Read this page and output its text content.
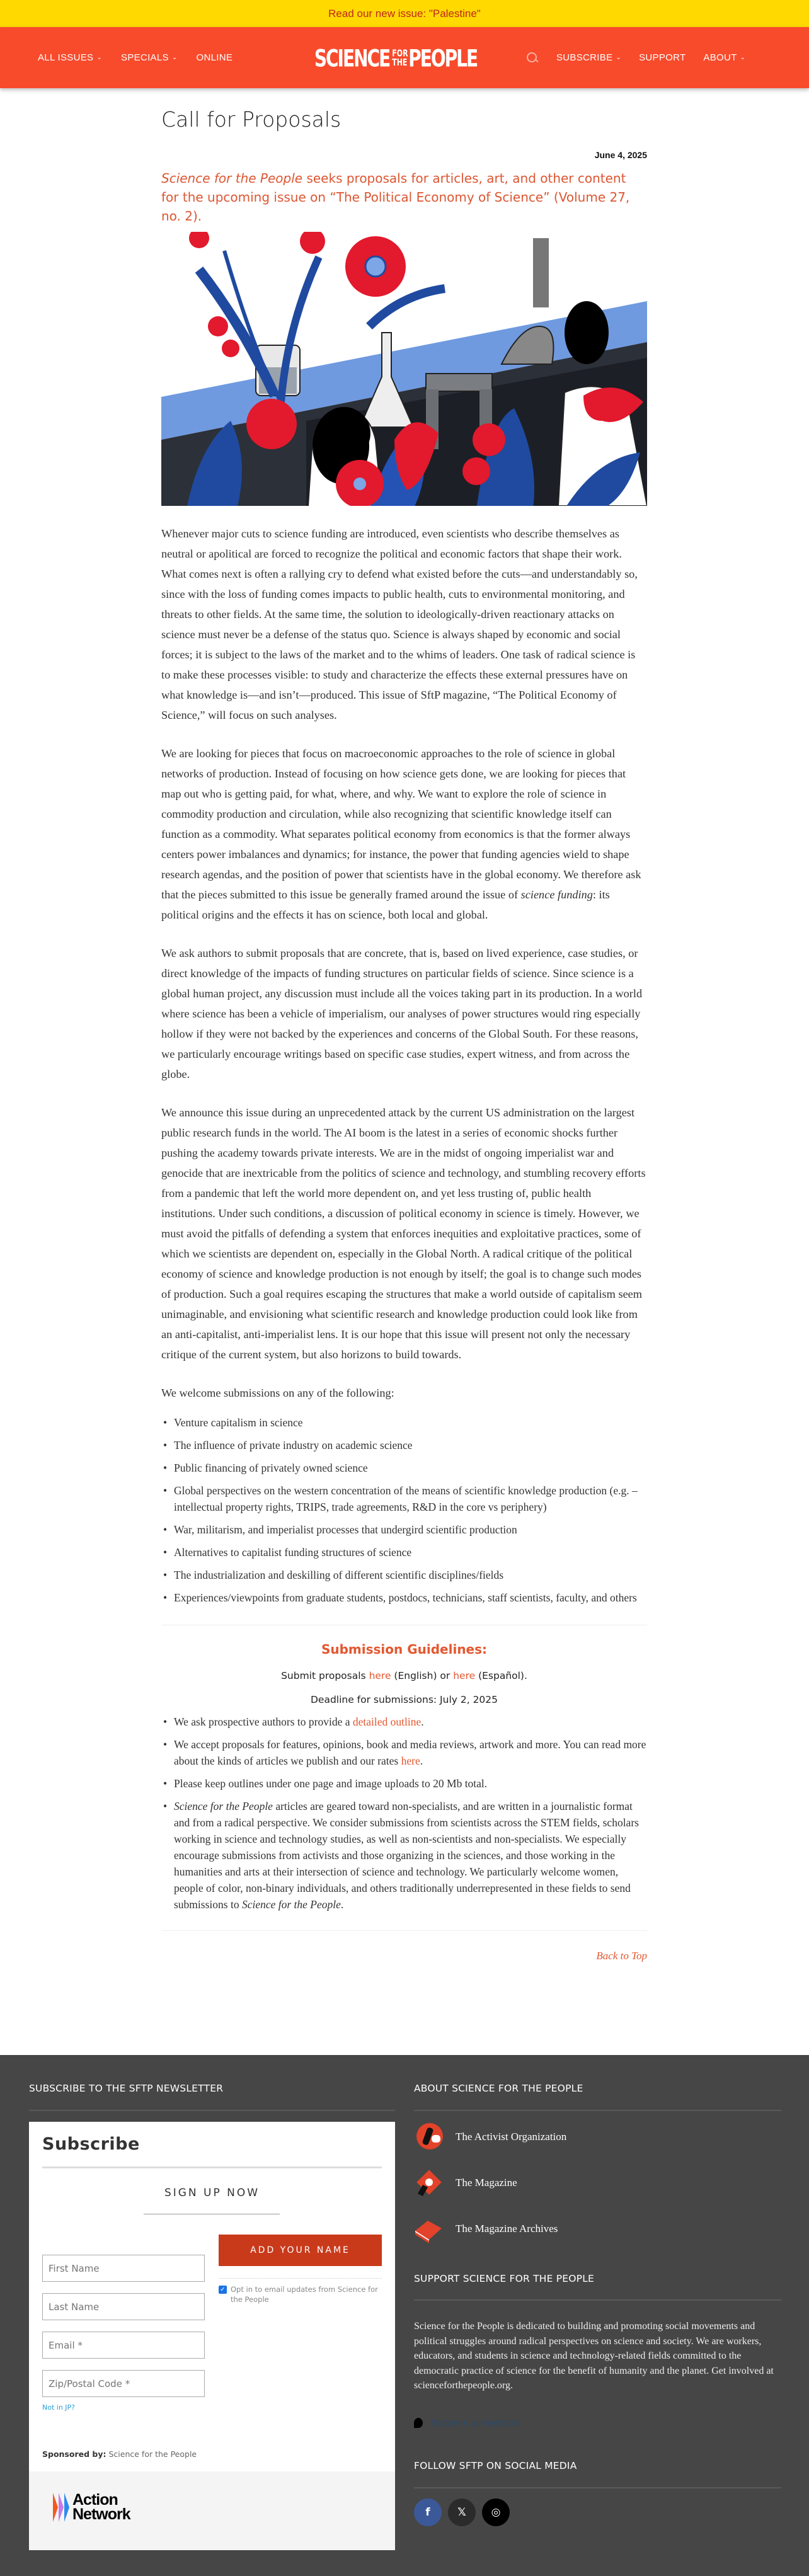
Read our new issue: "Palestine"
ALL ISSUES ⌄ SPECIALS ⌄ ONLINE	SCIENCE FOR THE PEOPLE	SUBSCRIBE ⌄ SUPPORT ABOUT ⌄
Call for Proposals
June 4, 2025
Science for the People seeks proposals for articles, art, and other content for the upcoming issue on “The Political Economy of Science” (Volume 27, no. 2).

Whenever major cuts to science funding are introduced, even scientists who describe themselves as neutral or apolitical are forced to recognize the political and economic factors that shape their work. What comes next is often a rallying cry to defend what existed before the cuts—and understandably so, since with the loss of funding comes impacts to public health, cuts to environmental monitoring, and threats to other fields. At the same time, the solution to ideologically-driven reactionary attacks on science must never be a defense of the status quo. Science is always shaped by economic and social forces; it is subject to the laws of the market and to the whims of leaders. One task of radical science is to make these processes visible: to study and characterize the effects these external pressures have on what knowledge is—and isn’t—produced. This issue of SftP magazine, “The Political Economy of Science,” will focus on such analyses.

We are looking for pieces that focus on macroeconomic approaches to the role of science in global networks of production. Instead of focusing on how science gets done, we are looking for pieces that map out who is getting paid, for what, where, and why. We want to explore the role of science in commodity production and circulation, while also recognizing that scientific knowledge itself can function as a commodity. What separates political economy from economics is that the former always centers power imbalances and dynamics; for instance, the power that funding agencies wield to shape research agendas, and the position of power that scientists have in the global economy. We therefore ask that the pieces submitted to this issue be generally framed around the issue of science funding: its political origins and the effects it has on science, both local and global.

We ask authors to submit proposals that are concrete, that is, based on lived experience, case studies, or direct knowledge of the impacts of funding structures on particular fields of science. Since science is a global human project, any discussion must include all the voices taking part in its production. In a world where science has been a vehicle of imperialism, our analyses of power structures would ring especially hollow if they were not backed by the experiences and concerns of the Global South. For these reasons, we particularly encourage writings based on specific case studies, expert witness, and from across the globe.

We announce this issue during an unprecedented attack by the current US administration on the largest public research funds in the world. The AI boom is the latest in a series of economic shocks further pushing the academy towards private interests. We are in the midst of ongoing imperialist war and genocide that are inextricable from the politics of science and technology, and stumbling recovery efforts from a pandemic that left the world more dependent on, and yet less trusting of, public health institutions. Under such conditions, a discussion of political economy in science is timely. However, we must avoid the pitfalls of defending a system that enforces inequities and exploitative practices, some of which we scientists are dependent on, especially in the Global North. A radical critique of the political economy of science and knowledge production is not enough by itself; the goal is to change such modes of production. Such a goal requires escaping the structures that make a world outside of capitalism seem unimaginable, and envisioning what scientific research and knowledge production could look like from an anti-capitalist, anti-imperialist lens. It is our hope that this issue will present not only the necessary critique of the current system, but also horizons to build towards.

We welcome submissions on any of the following:

• Venture capitalism in science
• The influence of private industry on academic science
• Public financing of privately owned science
• Global perspectives on the western concentration of the means of scientific knowledge production (e.g. – intellectual property rights, TRIPS, trade agreements, R&D in the core vs periphery)
• War, militarism, and imperialist processes that undergird scientific production
• Alternatives to capitalist funding structures of science
• The industrialization and deskilling of different scientific disciplines/fields
• Experiences/viewpoints from graduate students, postdocs, technicians, staff scientists, faculty, and others
Submission Guidelines:
Submit proposals here (English) or here (Español).
Deadline for submissions: July 2, 2025
• We ask prospective authors to provide a detailed outline.
• We accept proposals for features, opinions, book and media reviews, artwork and more. You can read more about the kinds of articles we publish and our rates here.
• Please keep outlines under one page and image uploads to 20 Mb total.
• Science for the People articles are geared toward non-specialists, and are written in a journalistic format and from a radical perspective. We consider submissions from scientists across the STEM fields, scholars working in science and technology studies, as well as non-scientists and non-specialists. We especially encourage submissions from activists and those organizing in the sciences, and those working in the humanities and arts at their intersection of science and technology. We particularly welcome women, people of color, non-binary individuals, and others traditionally underrepresented in these fields to send submissions to Science for the People.
Back to Top
SUBSCRIBE TO THE SFTP NEWSLETTER
Subscribe
SIGN UP NOW
First Name
Last Name
Email *
Zip/Postal Code *
ADD YOUR NAME
✓ Opt in to email updates from Science for the People
Not in JP?
Sponsored by: Science for the People
Action
Network
ABOUT SCIENCE FOR THE PEOPLE
The Activist Organization
The Magazine
The Magazine Archives
SUPPORT SCIENCE FOR THE PEOPLE
Science for the People is dedicated to building and promoting social movements and political struggles around radical perspectives on science and society. We are workers, educators, and students in science and technology-related fields committed to the democratic practice of science for the benefit of humanity and the planet. Get involved at scienceforthepeople.org.
Become a member
FOLLOW SFTP ON SOCIAL MEDIA
f	𝕏	◎
